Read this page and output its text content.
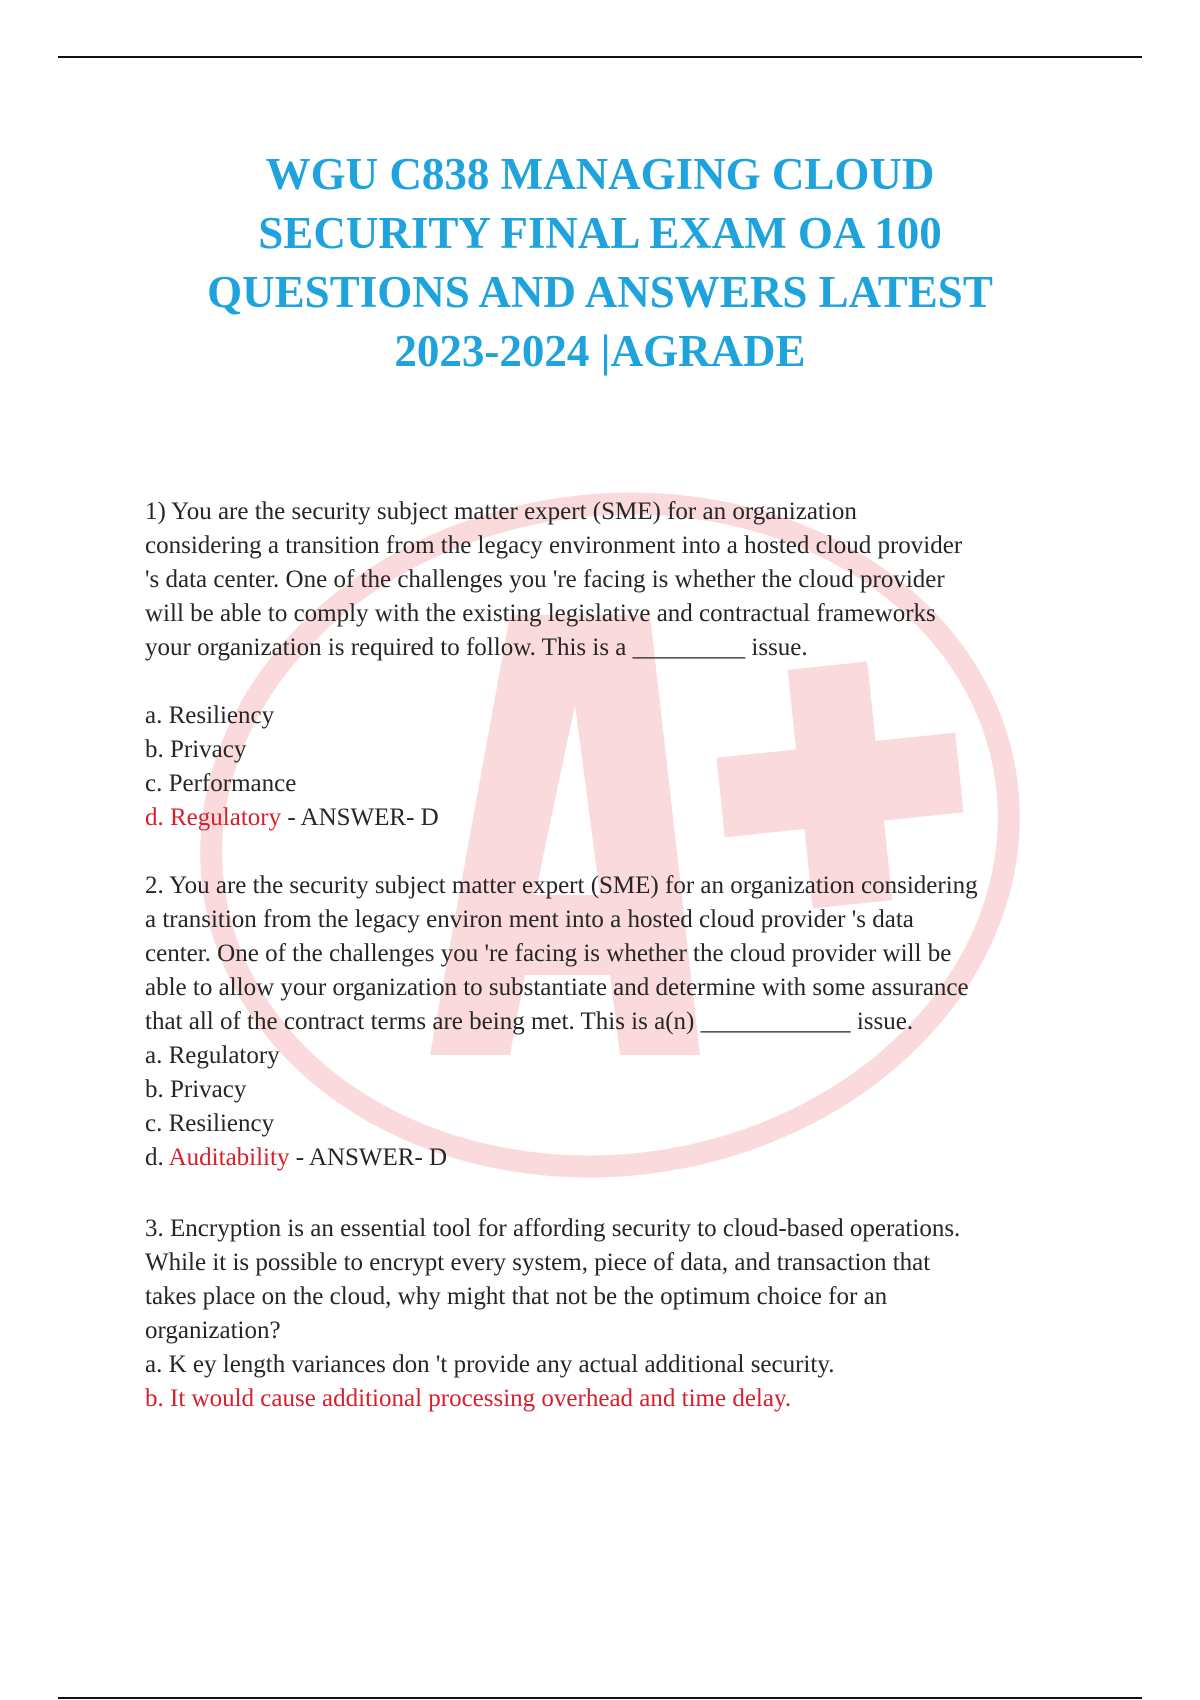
WGU C838 MANAGING CLOUD
SECURITY FINAL EXAM OA 100
QUESTIONS AND ANSWERS LATEST
2023-2024 |AGRADE
1) You are the security subject matter expert (SME) for an organization
considering a transition from the legacy environment into a hosted cloud provider
's data center. One of the challenges you 're facing is whether the cloud provider
will be able to comply with the existing legislative and contractual frameworks
your organization is required to follow. This is a _________ issue.
a. Resiliency
b. Privacy
c. Performance
d. Regulatory - ANSWER- D
2. You are the security subject matter expert (SME) for an organization considering
a transition from the legacy environ ment into a hosted cloud provider 's data
center. One of the challenges you 're facing is whether the cloud provider will be
able to allow your organization to substantiate and determine with some assurance
that all of the contract terms are being met. This is a(n) ____________ issue.
a. Regulatory
b. Privacy
c. Resiliency
d. Auditability - ANSWER- D
3. Encryption is an essential tool for affording security to cloud-based operations.
While it is possible to encrypt every system, piece of data, and transaction that
takes place on the cloud, why might that not be the optimum choice for an
organization?
a. K ey length variances don 't provide any actual additional security.
b. It would cause additional processing overhead and time delay.
